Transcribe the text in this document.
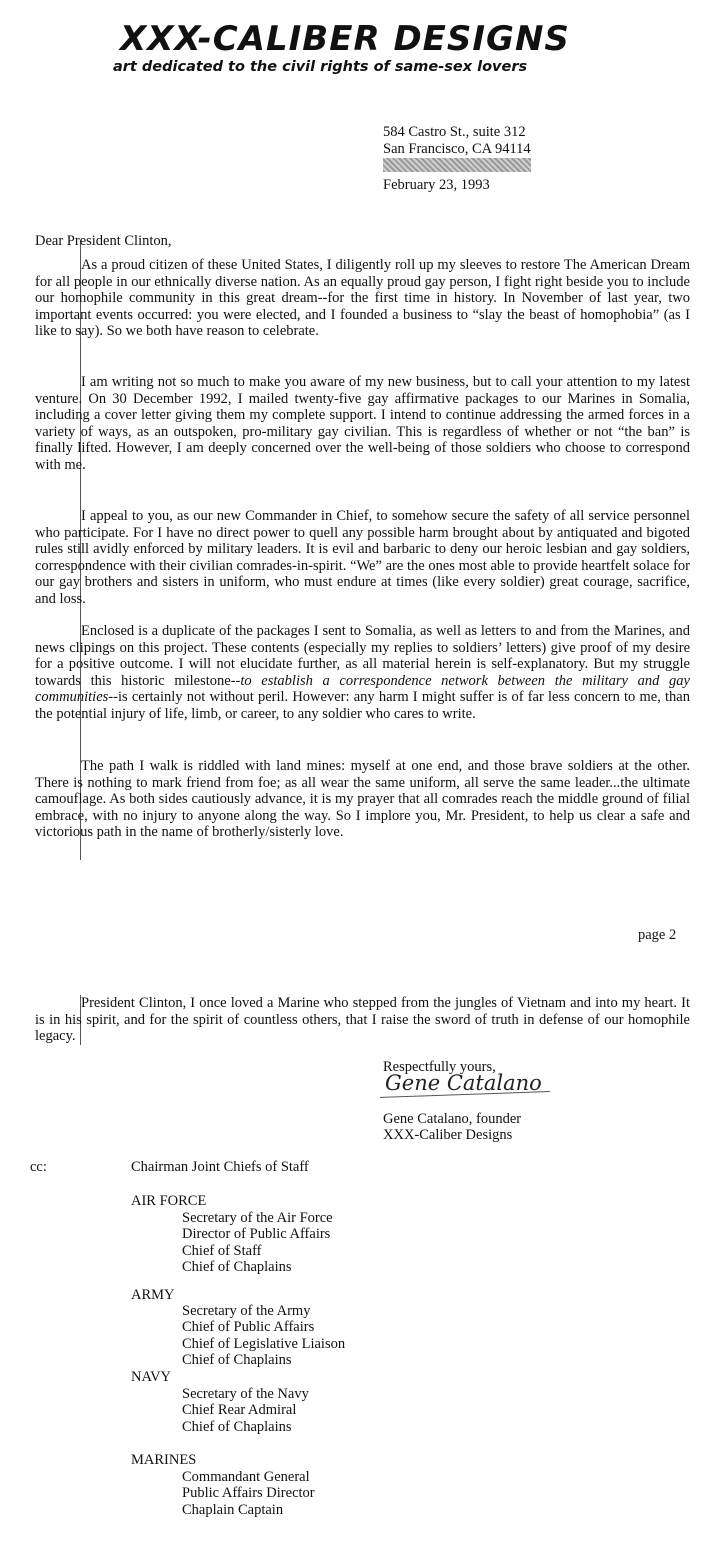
XXX-CALIBER DESIGNS
art dedicated to the civil rights of same-sex lovers
584 Castro St., suite 312
San Francisco, CA 94114
February 23, 1993
Dear President Clinton,

As a proud citizen of these United States, I diligently roll up my sleeves to restore The American Dream for all people in our ethnically diverse nation. As an equally proud gay person, I fight right beside you to include our homophile community in this great dream--for the first time in history. In November of last year, two important events occurred: you were elected, and I founded a business to “slay the beast of homophobia” (as I like to say). So we both have reason to celebrate.

I am writing not so much to make you aware of my new business, but to call your attention to my latest venture. On 30 December 1992, I mailed twenty-five gay affirmative packages to our Marines in Somalia, including a cover letter giving them my complete support. I intend to continue addressing the armed forces in a variety of ways, as an outspoken, pro-military gay civilian. This is regardless of whether or not “the ban” is finally lifted. However, I am deeply concerned over the well-being of those soldiers who choose to correspond with me.

I appeal to you, as our new Commander in Chief, to somehow secure the safety of all service personnel who participate. For I have no direct power to quell any possible harm brought about by antiquated and bigoted rules still avidly enforced by military leaders. It is evil and barbaric to deny our heroic lesbian and gay soldiers, correspondence with their civilian comrades-in-spirit. “We” are the ones most able to provide heartfelt solace for our gay brothers and sisters in uniform, who must endure at times (like every soldier) great courage, sacrifice, and loss.

Enclosed is a duplicate of the packages I sent to Somalia, as well as letters to and from the Marines, and news clipings on this project. These contents (especially my replies to soldiers’ letters) give proof of my desire for a positive outcome. I will not elucidate further, as all material herein is self-explanatory. But my struggle towards this historic milestone--to establish a correspondence network between the military and gay communities--is certainly not without peril. However: any harm I might suffer is of far less concern to me, than the potential injury of life, limb, or career, to any soldier who cares to write.

The path I walk is riddled with land mines: myself at one end, and those brave soldiers at the other. There is nothing to mark friend from foe; as all wear the same uniform, all serve the same leader...the ultimate camouflage. As both sides cautiously advance, it is my prayer that all comrades reach the middle ground of filial embrace, with no injury to anyone along the way. So I implore you, Mr. President, to help us clear a safe and victorious path in the name of brotherly/sisterly love.

page 2

President Clinton, I once loved a Marine who stepped from the jungles of Vietnam and into my heart. It is in his spirit, and for the spirit of countless others, that I raise the sword of truth in defense of our homophile legacy.

Respectfully yours,
Gene Catalano
Gene Catalano, founder
XXX-Caliber Designs
cc:	Chairman Joint Chiefs of Staff
AIR FORCE
Secretary of the Air Force
Director of Public Affairs
Chief of Staff
Chief of Chaplains
ARMY
Secretary of the Army
Chief of Public Affairs
Chief of Legislative Liaison
Chief of Chaplains
NAVY
Secretary of the Navy
Chief Rear Admiral
Chief of Chaplains
MARINES
Commandant General
Public Affairs Director
Chaplain Captain
